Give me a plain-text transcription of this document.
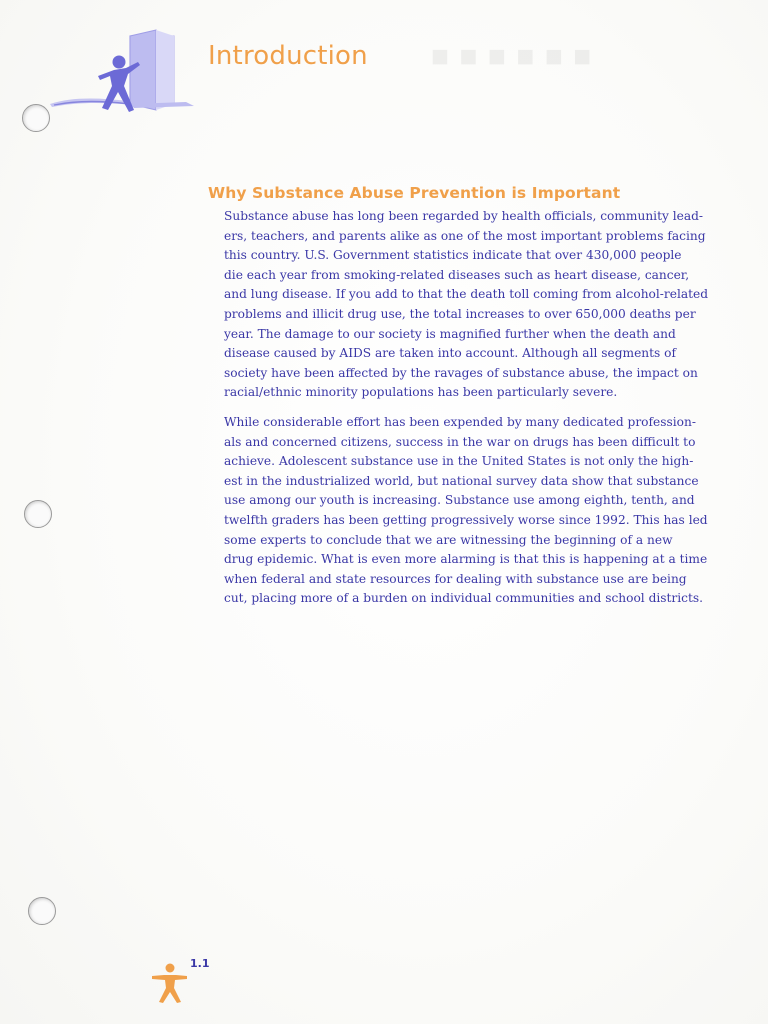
■ ■ ■ ■ ■ ■
Introduction
Why Substance Abuse Prevention is Important

Substance abuse has long been regarded by health officials, community lead-
ers, teachers, and parents alike as one of the most important problems facing
this country. U.S. Government statistics indicate that over 430,000 people
die each year from smoking-related diseases such as heart disease, cancer,
and lung disease. If you add to that the death toll coming from alcohol-related
problems and illicit drug use, the total increases to over 650,000 deaths per
year. The damage to our society is magnified further when the death and
disease caused by AIDS are taken into account. Although all segments of
society have been affected by the ravages of substance abuse, the impact on
racial/ethnic minority populations has been particularly severe.

While considerable effort has been expended by many dedicated profession-
als and concerned citizens, success in the war on drugs has been difficult to
achieve. Adolescent substance use in the United States is not only the high-
est in the industrialized world, but national survey data show that substance
use among our youth is increasing. Substance use among eighth, tenth, and
twelfth graders has been getting progressively worse since 1992. This has led
some experts to conclude that we are witnessing the beginning of a new
drug epidemic. What is even more alarming is that this is happening at a time
when federal and state resources for dealing with substance use are being
cut, placing more of a burden on individual communities and school districts.

1.1
